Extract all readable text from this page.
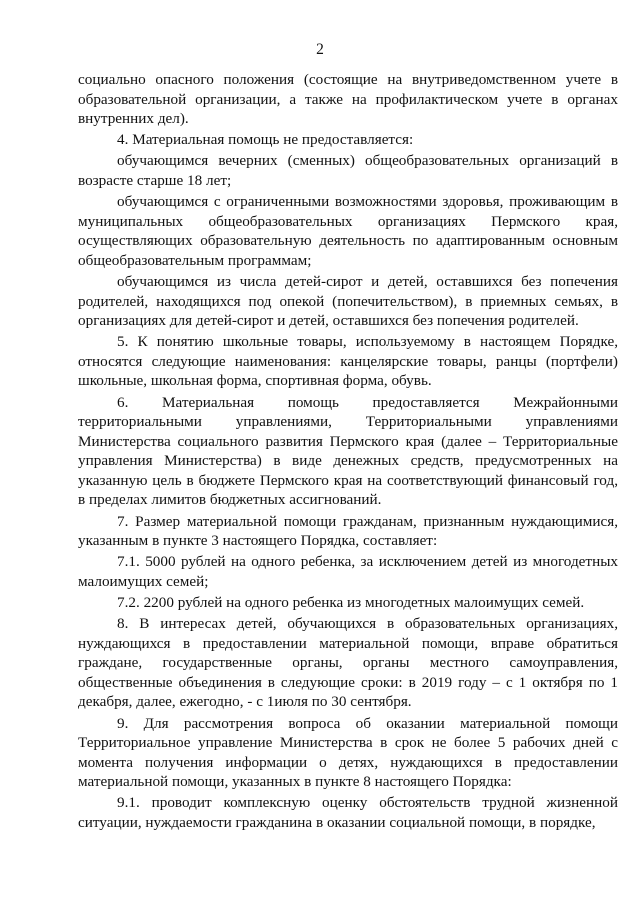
2

социально опасного положения (состоящие на внутриведомственном учете в образовательной организации, а также на профилактическом учете в органах внутренних дел).

4. Материальная помощь не предоставляется:

обучающимся вечерних (сменных) общеобразовательных организаций в возрасте старше 18 лет;

обучающимся с ограниченными возможностями здоровья, проживающим в муниципальных общеобразовательных организациях Пермского края, осуществляющих образовательную деятельность по адаптированным основным общеобразовательным программам;

обучающимся из числа детей-сирот и детей, оставшихся без попечения родителей, находящихся под опекой (попечительством), в приемных семьях, в организациях для детей-сирот и детей, оставшихся без попечения родителей.

5. К понятию школьные товары, используемому в настоящем Порядке, относятся следующие наименования: канцелярские товары, ранцы (портфели) школьные, школьная форма, спортивная форма, обувь.

6. Материальная помощь предоставляется Межрайонными территориальными управлениями, Территориальными управлениями Министерства социального развития Пермского края (далее – Территориальные управления Министерства) в виде денежных средств, предусмотренных на указанную цель в бюджете Пермского края на соответствующий финансовый год, в пределах лимитов бюджетных ассигнований.

7. Размер материальной помощи гражданам, признанным нуждающимися, указанным в пункте 3 настоящего Порядка, составляет:

7.1. 5000 рублей на одного ребенка, за исключением детей из многодетных малоимущих семей;

7.2. 2200 рублей на одного ребенка из многодетных малоимущих семей.

8. В интересах детей, обучающихся в образовательных организациях, нуждающихся в предоставлении материальной помощи, вправе обратиться граждане, государственные органы, органы местного самоуправления, общественные объединения в следующие сроки: в 2019 году – с 1 октября по 1 декабря, далее, ежегодно, - с 1июля по 30 сентября.

9. Для рассмотрения вопроса об оказании материальной помощи Территориальное управление Министерства в срок не более 5 рабочих дней с момента получения информации о детях, нуждающихся в предоставлении материальной помощи, указанных в пункте 8 настоящего Порядка:

9.1. проводит комплексную оценку обстоятельств трудной жизненной ситуации, нуждаемости гражданина в оказании социальной помощи, в порядке,
